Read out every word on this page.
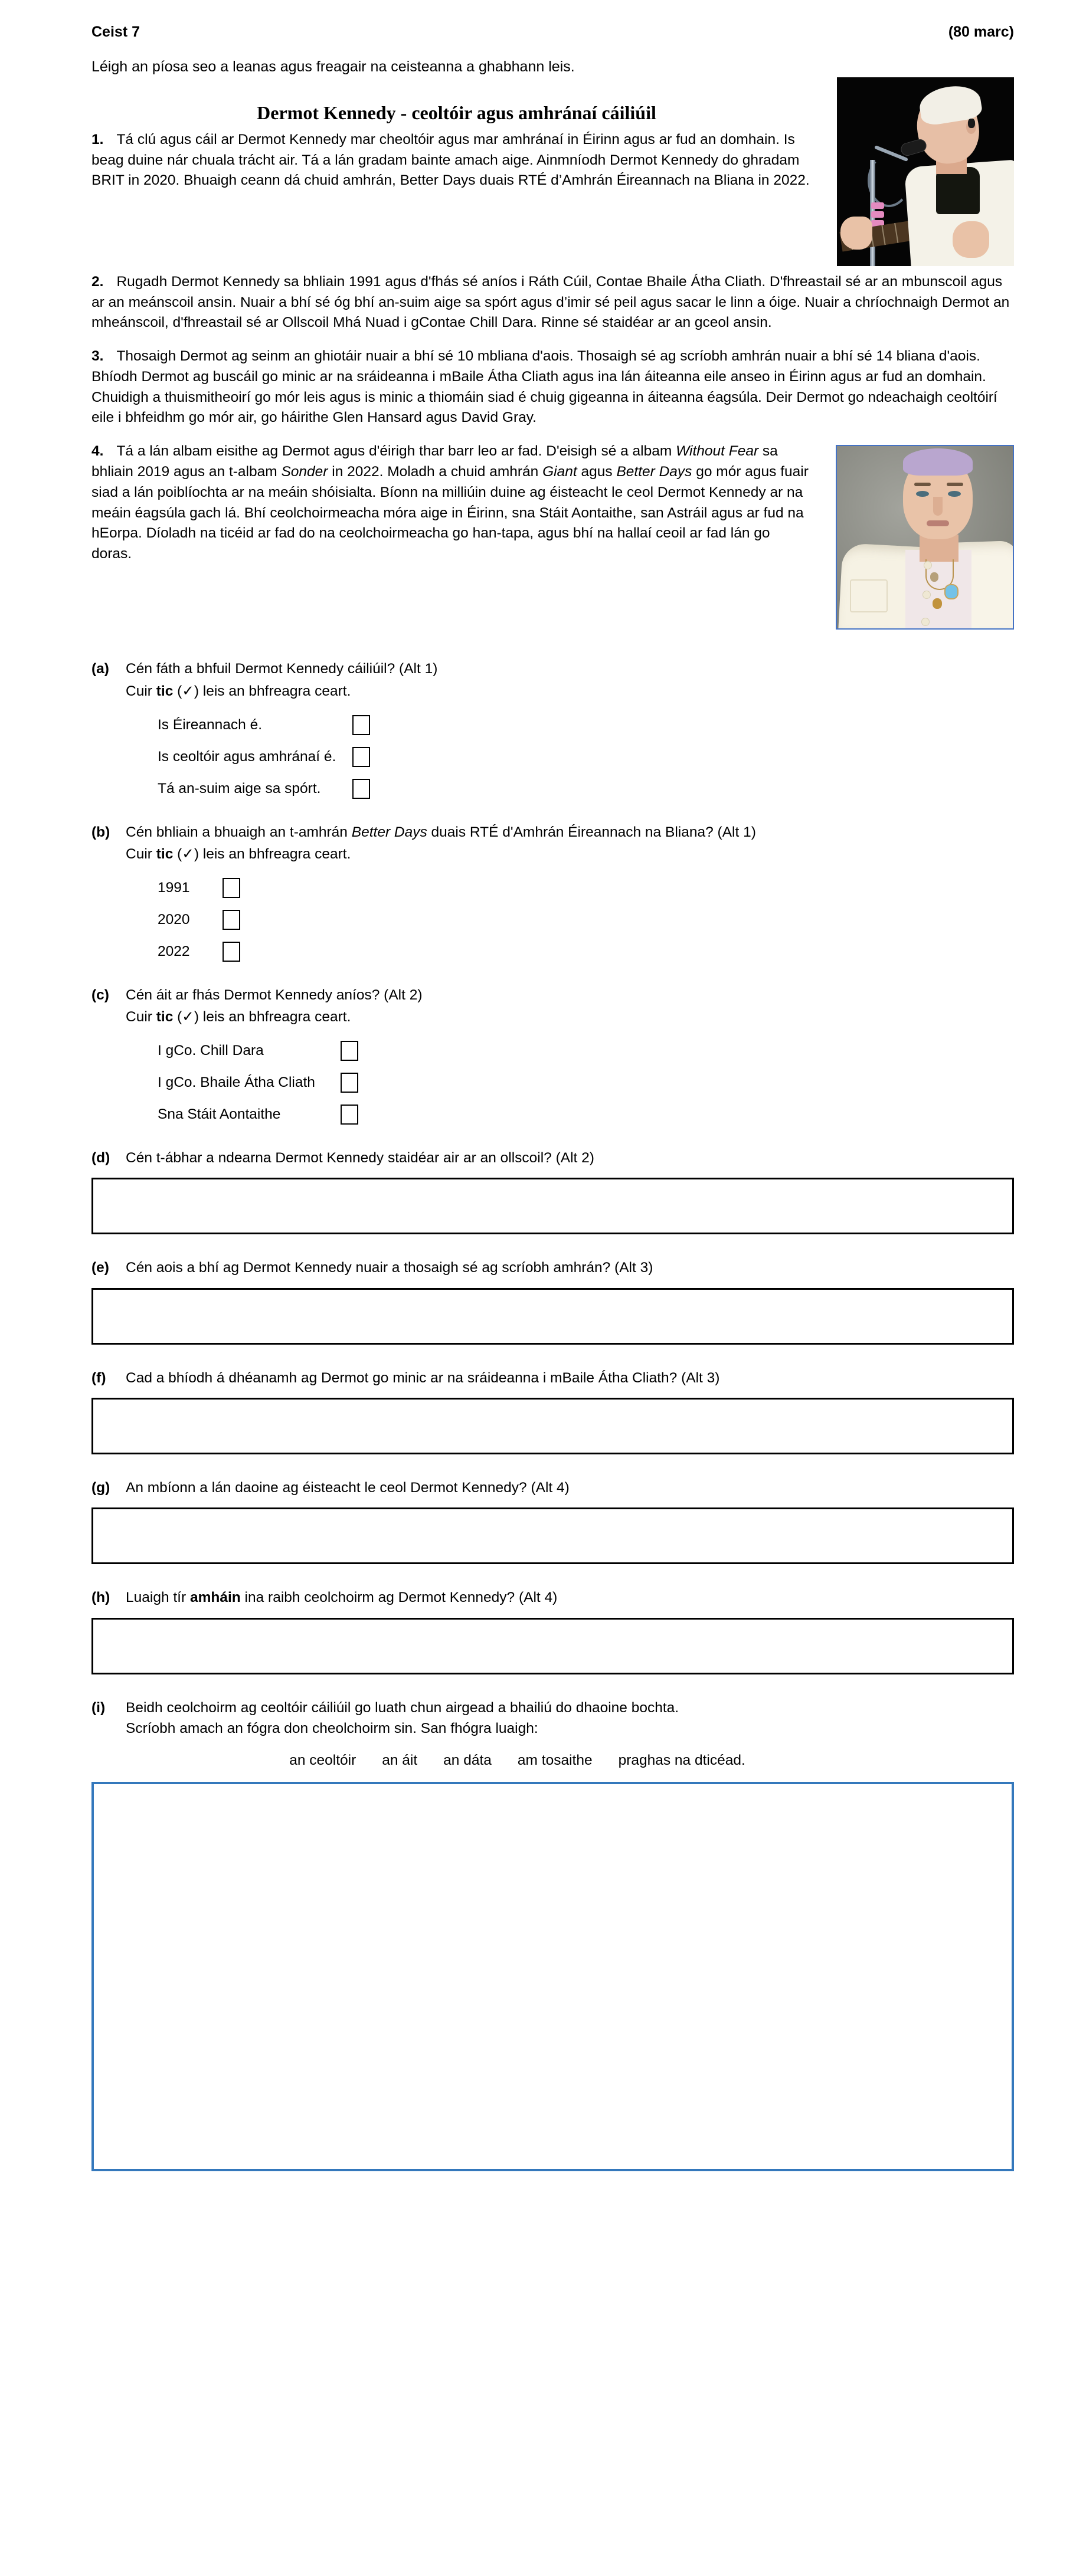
Ceist 7	(80 marc)
Léigh an píosa seo a leanas agus freagair na ceisteanna a ghabhann leis.
Dermot Kennedy - ceoltóir agus amhránaí cáiliúil
1. Tá clú agus cáil ar Dermot Kennedy mar cheoltóir agus mar amhránaí in Éirinn agus ar fud an domhain. Is beag duine nár chuala trácht air. Tá a lán gradam bainte amach aige. Ainmníodh Dermot Kennedy do ghradam BRIT in 2020. Bhuaigh ceann dá chuid amhrán, Better Days duais RTÉ d’Amhrán Éireannach na Bliana in 2022.
2. Rugadh Dermot Kennedy sa bhliain 1991 agus d'fhás sé aníos i Ráth Cúil, Contae Bhaile Átha Cliath. D'fhreastail sé ar an mbunscoil agus ar an meánscoil ansin. Nuair a bhí sé óg bhí an-suim aige sa spórt agus d’imir sé peil agus sacar le linn a óige. Nuair a chríochnaigh Dermot an mheánscoil, d'fhreastail sé ar Ollscoil Mhá Nuad i gContae Chill Dara. Rinne sé staidéar ar an gceol ansin.
3. Thosaigh Dermot ag seinm an ghiotáir nuair a bhí sé 10 mbliana d'aois. Thosaigh sé ag scríobh amhrán nuair a bhí sé 14 bliana d'aois. Bhíodh Dermot ag buscáil go minic ar na sráideanna i mBaile Átha Cliath agus ina lán áiteanna eile anseo in Éirinn agus ar fud an domhain. Chuidigh a thuismitheoirí go mór leis agus is minic a thiomáin siad é chuig gigeanna in áiteanna éagsúla. Deir Dermot go ndeachaigh ceoltóirí eile i bhfeidhm go mór air, go háirithe Glen Hansard agus David Gray.
4. Tá a lán albam eisithe ag Dermot agus d'éirigh thar barr leo ar fad. D'eisigh sé a albam Without Fear sa bhliain 2019 agus an t-albam Sonder in 2022. Moladh a chuid amhrán Giant agus Better Days go mór agus fuair siad a lán poiblíochta ar na meáin shóisialta. Bíonn na milliúin duine ag éisteacht le ceol Dermot Kennedy ar na meáin éagsúla gach lá. Bhí ceolchoirmeacha móra aige in Éirinn, sna Stáit Aontaithe, san Astráil agus ar fud na hEorpa. Díoladh na ticéid ar fad do na ceolchoirmeacha go han-tapa, agus bhí na hallaí ceoil ar fad lán go doras.
(a)	Cén fáth a bhfuil Dermot Kennedy cáiliúil? (Alt 1)
Cuir tic (✓) leis an bhfreagra ceart.
Is Éireannach é.
Is ceoltóir agus amhránaí é.
Tá an-suim aige sa spórt.
(b)	Cén bhliain a bhuaigh an t-amhrán Better Days duais RTÉ d'Amhrán Éireannach na Bliana? (Alt 1)
Cuir tic (✓) leis an bhfreagra ceart.
1991
2020
2022
(c)	Cén áit ar fhás Dermot Kennedy aníos? (Alt 2)
Cuir tic (✓) leis an bhfreagra ceart.
I gCo. Chill Dara
I gCo. Bhaile Átha Cliath
Sna Stáit Aontaithe
(d)	Cén t-ábhar a ndearna Dermot Kennedy staidéar air ar an ollscoil? (Alt 2)
(e)	Cén aois a bhí ag Dermot Kennedy nuair a thosaigh sé ag scríobh amhrán? (Alt 3)
(f)	Cad a bhíodh á dhéanamh ag Dermot go minic ar na sráideanna i mBaile Átha Cliath? (Alt 3)
(g)	An mbíonn a lán daoine ag éisteacht le ceol Dermot Kennedy? (Alt 4)
(h)	Luaigh tír amháin ina raibh ceolchoirm ag Dermot Kennedy? (Alt 4)
(i)	Beidh ceolchoirm ag ceoltóir cáiliúil go luath chun airgead a bhailiú do dhaoine bochta.
Scríobh amach an fógra don cheolchoirm sin. San fhógra luaigh:
an ceoltóir an áit an dáta am tosaithe praghas na dticéad.
